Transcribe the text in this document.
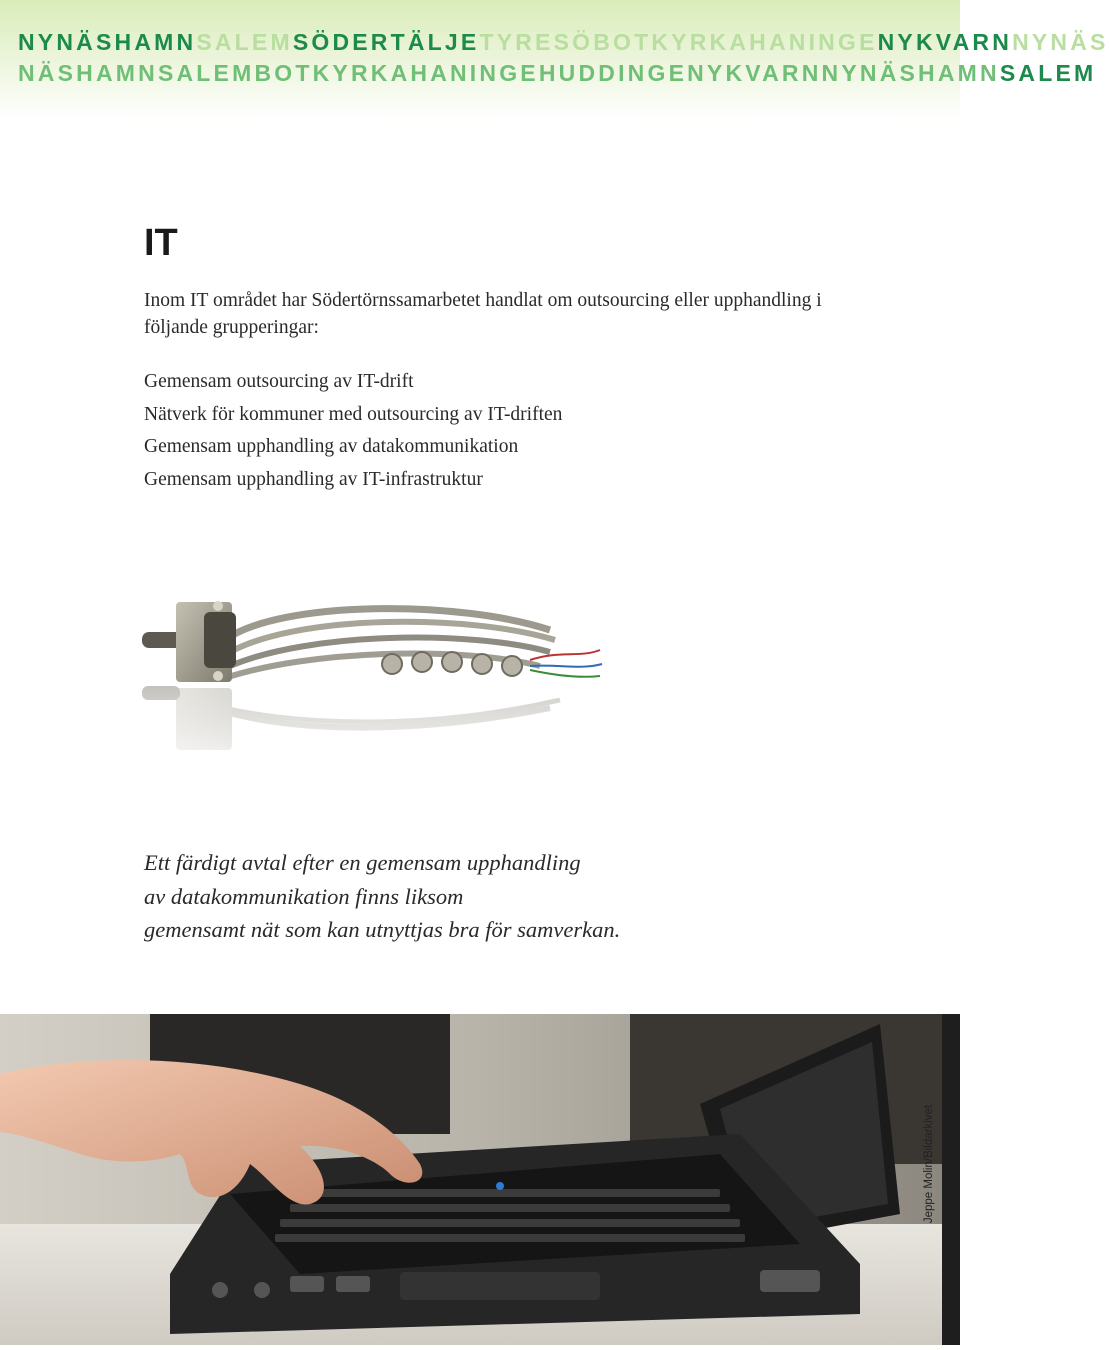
NYNÄSHAMNSALEMSÖDERTÄLJETYRESÖBOTKYRKAHANINGENYKVARNNYNÄS
NÄSHAMNSALEMBOTKYRKAHANINGEHUDDINGENYKVARNNYNÄSHAMNSALEM
IT

Inom IT området har Södertörnssamarbetet handlat om outsourcing eller upphandling i följande grupperingar:

Gemensam outsourcing av IT-drift
Nätverk för kommuner med outsourcing av IT-driften
Gemensam upphandling av datakommunikation
Gemensam upphandling av IT-infrastruktur

Ett färdigt avtal efter en gemensam upphandling
av datakommunikation finns liksom
gemensamt nät som kan utnyttjas bra för samverkan.

Jeppe Molin/Bildarkivet
